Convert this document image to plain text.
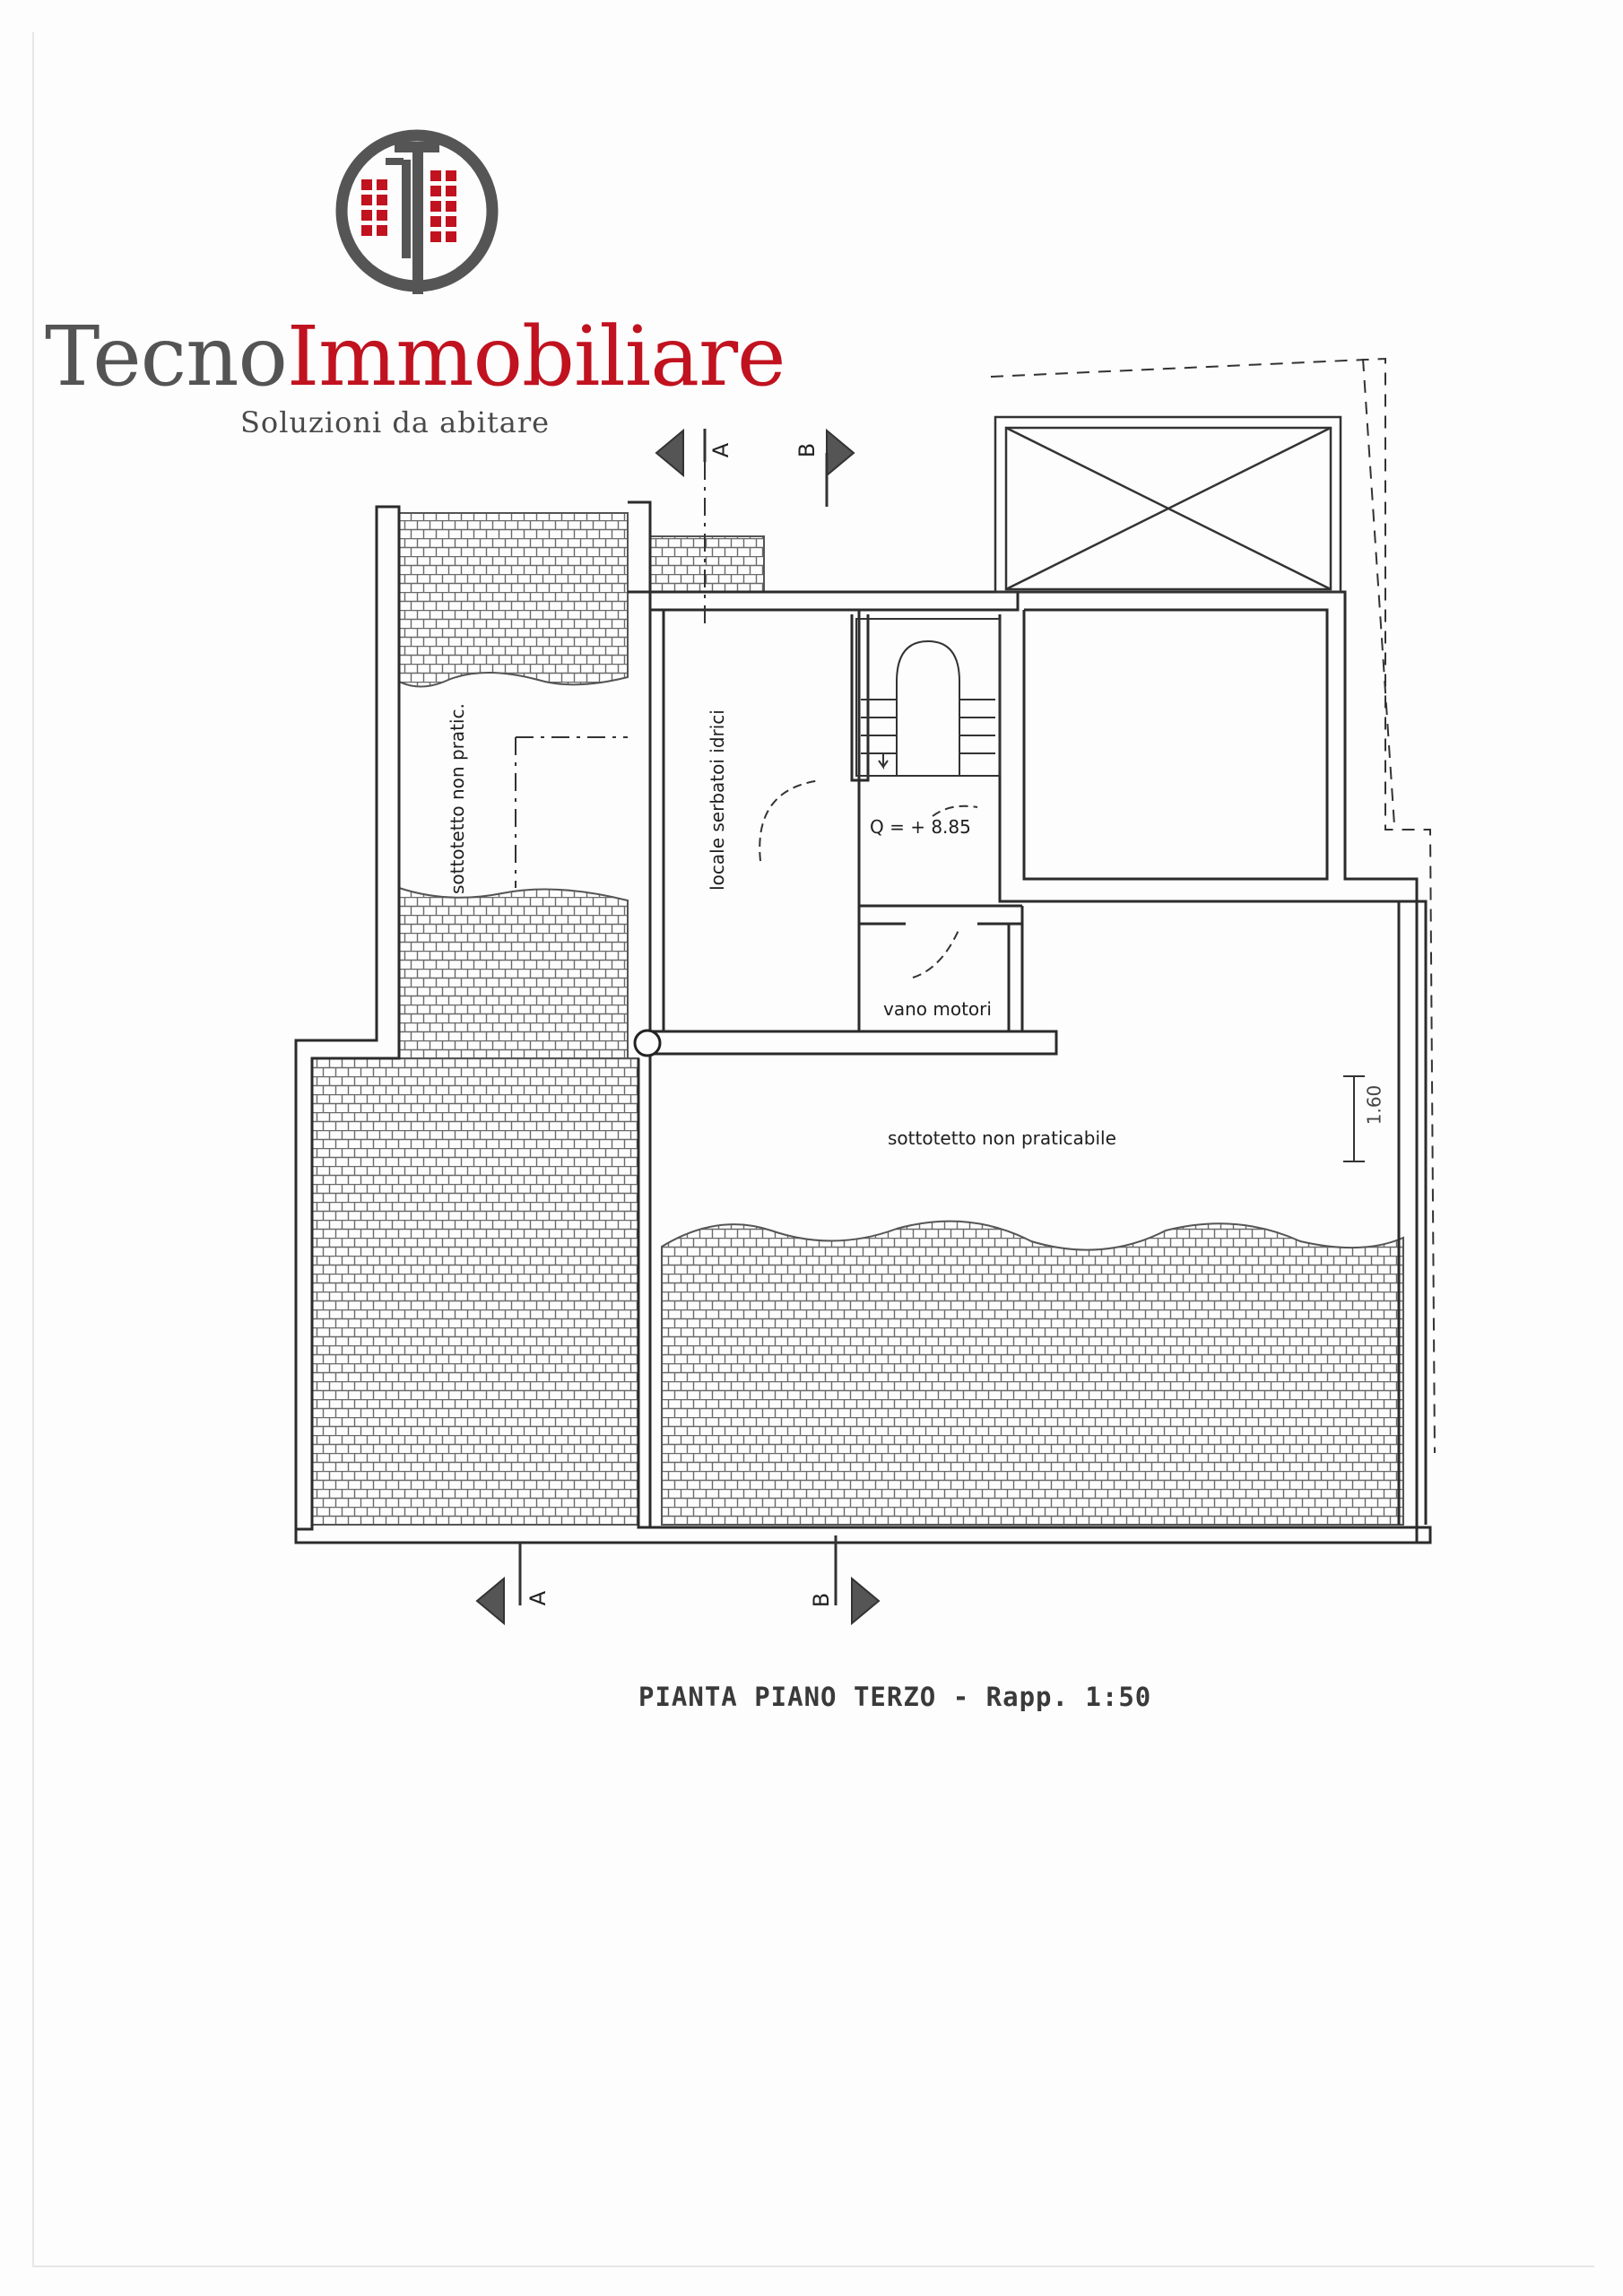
TecnoImmobiliare
Soluzioni da abitare
sottotetto non pratic.	locale serbatoi idrici	Q = + 8.85
vano motori
sottotetto non praticabile
1.60
A	B
A	B
PIANTA PIANO TERZO - Rapp. 1:50
